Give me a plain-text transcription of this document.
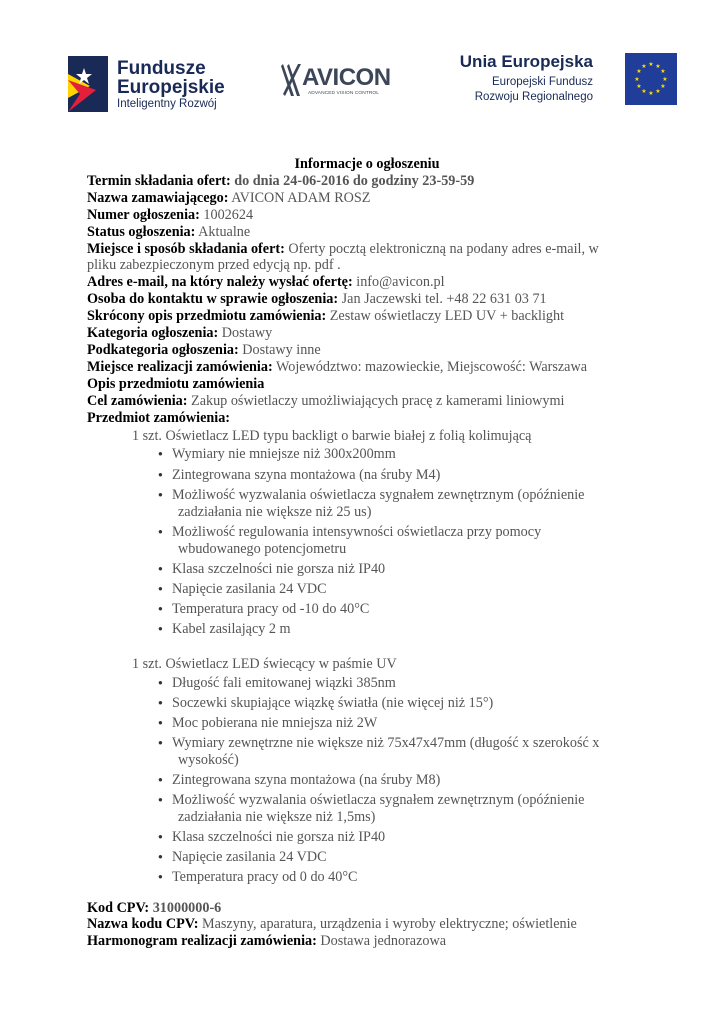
Fundusze
Europejskie
Inteligentny Rozwój
AVICON
ADVANCED VISION CONTROL
Unia Europejska
Europejski Fundusz
Rozwoju Regionalnego
★ ★
★
★
★
★
★
★
★
★
★
★
Informacje o ogłoszeniu
Termin składania ofert: do dnia 24-06-2016 do godziny 23-59-59
Nazwa zamawiającego: AVICON ADAM ROSZ
Numer ogłoszenia: 1002624
Status ogłoszenia: Aktualne
Miejsce i sposób składania ofert: Oferty pocztą elektroniczną na podany adres e-mail, w
pliku zabezpieczonym przed edycją np. pdf .
Adres e-mail, na który należy wysłać ofertę: info@avicon.pl
Osoba do kontaktu w sprawie ogłoszenia: Jan Jaczewski tel. +48 22 631 03 71
Skrócony opis przedmiotu zamówienia: Zestaw oświetlaczy LED UV + backlight
Kategoria ogłoszenia: Dostawy
Podkategoria ogłoszenia: Dostawy inne
Miejsce realizacji zamówienia: Województwo: mazowieckie, Miejscowość: Warszawa
Opis przedmiotu zamówienia
Cel zamówienia: Zakup oświetlaczy umożliwiających pracę z kamerami liniowymi
Przedmiot zamówienia:
1 szt. Oświetlacz LED typu backligt o barwie białej z folią kolimującą
● Wymiary nie mniejsze niż 300x200mm
● Zintegrowana szyna montażowa (na śruby M4)
● Możliwość wyzwalania oświetlacza sygnałem zewnętrznym (opóźnienie
zadziałania nie większe niż 25 us)
● Możliwość regulowania intensywności oświetlacza przy pomocy
wbudowanego potencjometru
● Klasa szczelności nie gorsza niż IP40
● Napięcie zasilania 24 VDC
● Temperatura pracy od -10 do 40°C
● Kabel zasilający 2 m
1 szt. Oświetlacz LED świecący w paśmie UV
● Długość fali emitowanej wiązki 385nm
● Soczewki skupiające wiązkę światła (nie więcej niż 15°)
● Moc pobierana nie mniejsza niż 2W
● Wymiary zewnętrzne nie większe niż 75x47x47mm (długość x szerokość x
wysokość)
● Zintegrowana szyna montażowa (na śruby M8)
● Możliwość wyzwalania oświetlacza sygnałem zewnętrznym (opóźnienie
zadziałania nie większe niż 1,5ms)
● Klasa szczelności nie gorsza niż IP40
● Napięcie zasilania 24 VDC
● Temperatura pracy od 0 do 40°C
Kod CPV: 31000000-6
Nazwa kodu CPV: Maszyny, aparatura, urządzenia i wyroby elektryczne; oświetlenie
Harmonogram realizacji zamówienia: Dostawa jednorazowa
